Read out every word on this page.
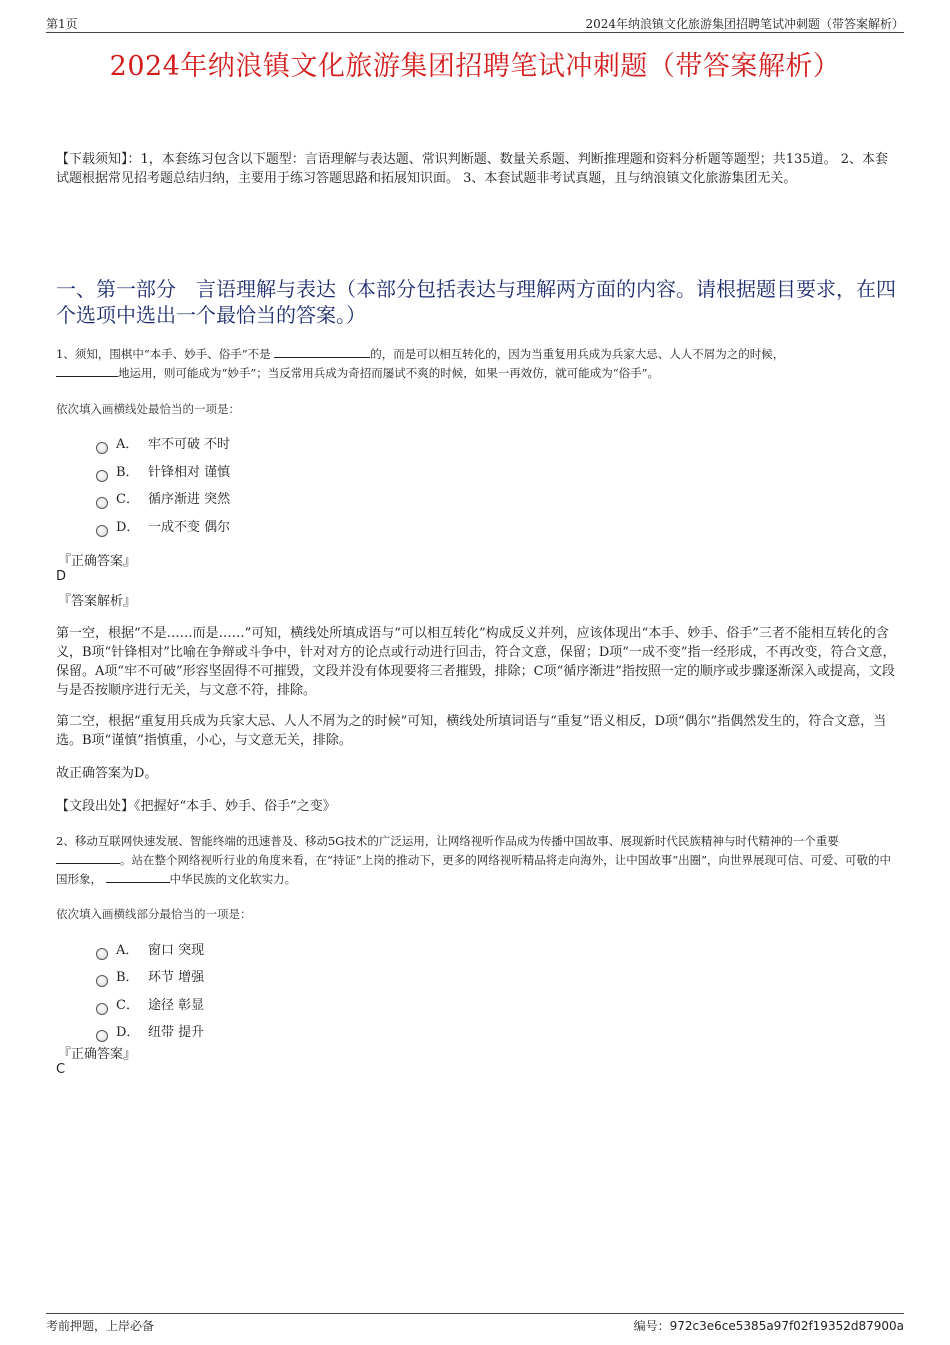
第1页	2024年纳浪镇文化旅游集团招聘笔试冲刺题（带答案解析）
2024年纳浪镇文化旅游集团招聘笔试冲刺题（带答案解析）
【下载须知】：1，本套练习包含以下题型：言语理解与表达题、常识判断题、数量关系题、判断推理题和资料分析题等题型；共135道。 2、本套试题根据常见招考题总结归纳，主要用于练习答题思路和拓展知识面。 3、本套试题非考试真题，且与纳浪镇文化旅游集团无关。
一、第一部分　言语理解与表达（本部分包括表达与理解两方面的内容。请根据题目要求，在四个选项中选出一个最恰当的答案。）
1、须知，围棋中“本手、妙手、俗手”不是	的，而是可以相互转化的，因为当重复用兵成为兵家大忌、人人不屑为之的时候，
地运用，则可能成为“妙手”；当反常用兵成为奇招而屡试不爽的时候，如果一再效仿，就可能成为“俗手”。
依次填入画横线处最恰当的一项是：
A． 牢不可破 不时
B． 针锋相对 谨慎
C． 循序渐进 突然
D． 一成不变 偶尔
『正确答案』
D
『答案解析』
第一空，根据“不是……而是……”可知，横线处所填成语与“可以相互转化”构成反义并列，应该体现出“本手、妙手、俗手”三者不能相互转化的含义，B项“针锋相对”比喻在争辩或斗争中，针对对方的论点或行动进行回击，符合文意，保留；D项“一成不变”指一经形成，不再改变，符合文意，保留。A项“牢不可破”形容坚固得不可摧毁，文段并没有体现要将三者摧毁，排除；C项“循序渐进”指按照一定的顺序或步骤逐渐深入或提高，文段与是否按顺序进行无关，与文意不符，排除。
第二空，根据“重复用兵成为兵家大忌、人人不屑为之的时候”可知，横线处所填词语与“重复”语义相反，D项“偶尔”指偶然发生的，符合文意，当选。B项“谨慎”指慎重，小心，与文意无关，排除。
故正确答案为D。
【文段出处】《把握好“本手、妙手、俗手”之变》
2、移动互联网快速发展、智能终端的迅速普及、移动5G技术的广泛运用，让网络视听作品成为传播中国故事、展现新时代民族精神与时代精神的一个重要 。站在整个网络视听行业的角度来看，在“持证”上岗的推动下，更多的网络视听精品将走向海外，让中国故事“出圈”，向世界展现可信、可爱、可敬的中国形象，	中华民族的文化软实力。
依次填入画横线部分最恰当的一项是：
A． 窗口 突现
B． 环节 增强
C． 途径 彰显
D． 纽带 提升
『正确答案』
C
考前押题，上岸必备	编号：972c3e6ce5385a97f02f19352d87900a
